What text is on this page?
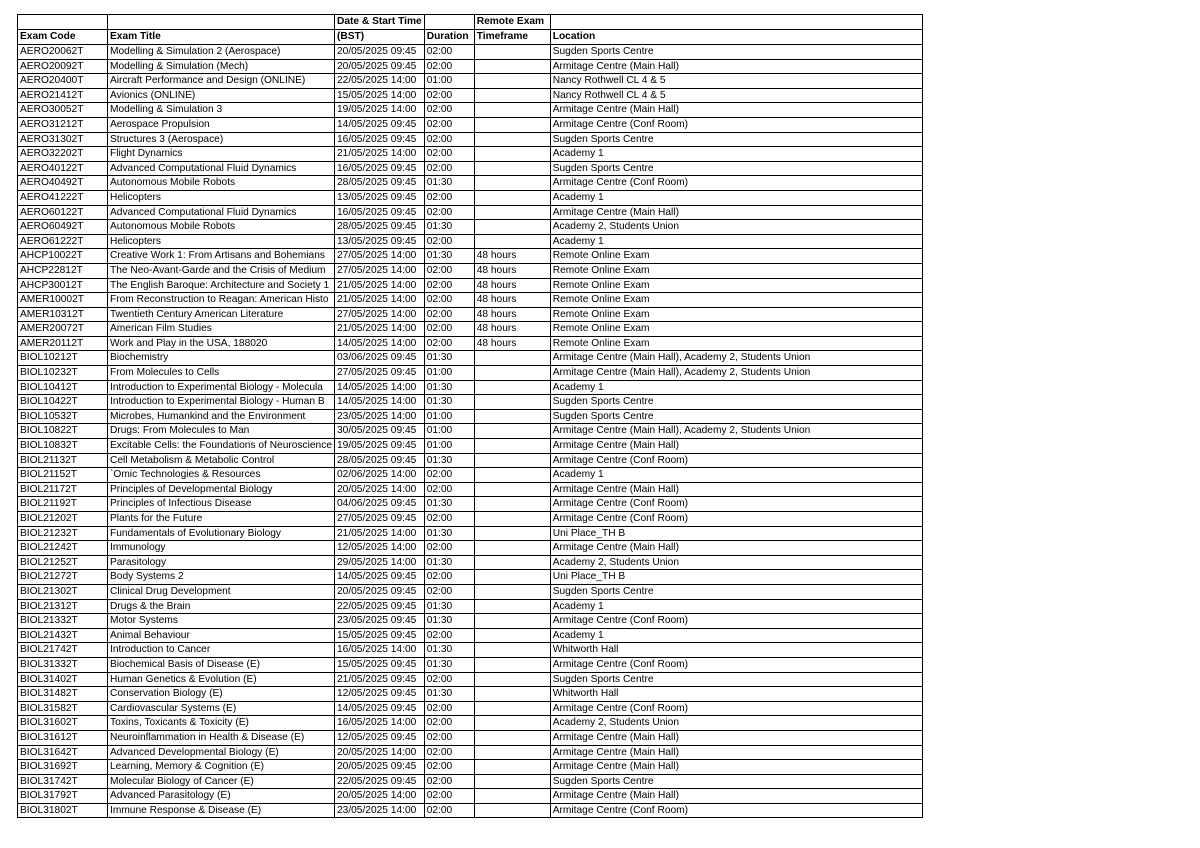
		Date & Start Time		Remote Exam	
Exam Code	Exam Title	(BST)	Duration	Timeframe	Location
AERO20062T	Modelling & Simulation 2 (Aerospace)	20/05/2025 09:45	02:00		Sugden Sports Centre
AERO20092T	Modelling & Simulation (Mech)	20/05/2025 09:45	02:00		Armitage Centre (Main Hall)
AERO20400T	Aircraft Performance and Design (ONLINE)	22/05/2025 14:00	01:00		Nancy Rothwell CL 4 & 5
AERO21412T	Avionics (ONLINE)	15/05/2025 14:00	02:00		Nancy Rothwell CL 4 & 5
AERO30052T	Modelling & Simulation 3	19/05/2025 14:00	02:00		Armitage Centre (Main Hall)
AERO31212T	Aerospace Propulsion	14/05/2025 09:45	02:00		Armitage Centre (Conf Room)
AERO31302T	Structures 3 (Aerospace)	16/05/2025 09:45	02:00		Sugden Sports Centre
AERO32202T	Flight Dynamics	21/05/2025 14:00	02:00		Academy 1
AERO40122T	Advanced Computational Fluid Dynamics	16/05/2025 09:45	02:00		Sugden Sports Centre
AERO40492T	Autonomous Mobile Robots	28/05/2025 09:45	01:30		Armitage Centre (Conf Room)
AERO41222T	Helicopters	13/05/2025 09:45	02:00		Academy 1
AERO60122T	Advanced Computational Fluid Dynamics	16/05/2025 09:45	02:00		Armitage Centre (Main Hall)
AERO60492T	Autonomous Mobile Robots	28/05/2025 09:45	01:30		Academy 2, Students Union
AERO61222T	Helicopters	13/05/2025 09:45	02:00		Academy 1
AHCP10022T	Creative Work 1: From Artisans and Bohemians	27/05/2025 14:00	01:30	48 hours	Remote Online Exam
AHCP22812T	The Neo-Avant-Garde and the Crisis of Medium	27/05/2025 14:00	02:00	48 hours	Remote Online Exam
AHCP30012T	The English Baroque: Architecture and Society 1	21/05/2025 14:00	02:00	48 hours	Remote Online Exam
AMER10002T	From Reconstruction to Reagan: American Histo	21/05/2025 14:00	02:00	48 hours	Remote Online Exam
AMER10312T	Twentieth Century American Literature	27/05/2025 14:00	02:00	48 hours	Remote Online Exam
AMER20072T	American Film Studies	21/05/2025 14:00	02:00	48 hours	Remote Online Exam
AMER20112T	Work and Play in the USA, 188020	14/05/2025 14:00	02:00	48 hours	Remote Online Exam
BIOL10212T	Biochemistry	03/06/2025 09:45	01:30		Armitage Centre (Main Hall), Academy 2, Students Union
BIOL10232T	From Molecules to Cells	27/05/2025 09:45	01:00		Armitage Centre (Main Hall), Academy 2, Students Union
BIOL10412T	Introduction to Experimental Biology - Molecula	14/05/2025 14:00	01:30		Academy 1
BIOL10422T	Introduction to Experimental Biology - Human B	14/05/2025 14:00	01:30		Sugden Sports Centre
BIOL10532T	Microbes, Humankind and the Environment	23/05/2025 14:00	01:00		Sugden Sports Centre
BIOL10822T	Drugs: From Molecules to Man	30/05/2025 09:45	01:00		Armitage Centre (Main Hall), Academy 2, Students Union
BIOL10832T	Excitable Cells: the Foundations of Neuroscience	19/05/2025 09:45	01:00		Armitage Centre (Main Hall)
BIOL21132T	Cell Metabolism & Metabolic Control	28/05/2025 09:45	01:30		Armitage Centre (Conf Room)
BIOL21152T	`Omic Technologies & Resources	02/06/2025 14:00	02:00		Academy 1
BIOL21172T	Principles of Developmental Biology	20/05/2025 14:00	02:00		Armitage Centre (Main Hall)
BIOL21192T	Principles of Infectious Disease	04/06/2025 09:45	01:30		Armitage Centre (Conf Room)
BIOL21202T	Plants for the Future	27/05/2025 09:45	02:00		Armitage Centre (Conf Room)
BIOL21232T	Fundamentals of Evolutionary Biology	21/05/2025 14:00	01:30		Uni Place_TH B
BIOL21242T	Immunology	12/05/2025 14:00	02:00		Armitage Centre (Main Hall)
BIOL21252T	Parasitology	29/05/2025 14:00	01:30		Academy 2, Students Union
BIOL21272T	Body Systems 2	14/05/2025 09:45	02:00		Uni Place_TH B
BIOL21302T	Clinical Drug Development	20/05/2025 09:45	02:00		Sugden Sports Centre
BIOL21312T	Drugs & the Brain	22/05/2025 09:45	01:30		Academy 1
BIOL21332T	Motor Systems	23/05/2025 09:45	01:30		Armitage Centre (Conf Room)
BIOL21432T	Animal Behaviour	15/05/2025 09:45	02:00		Academy 1
BIOL21742T	Introduction to Cancer	16/05/2025 14:00	01:30		Whitworth Hall
BIOL31332T	Biochemical Basis of Disease (E)	15/05/2025 09:45	01:30		Armitage Centre (Conf Room)
BIOL31402T	Human Genetics & Evolution (E)	21/05/2025 09:45	02:00		Sugden Sports Centre
BIOL31482T	Conservation Biology (E)	12/05/2025 09:45	01:30		Whitworth Hall
BIOL31582T	Cardiovascular Systems (E)	14/05/2025 09:45	02:00		Armitage Centre (Conf Room)
BIOL31602T	Toxins, Toxicants & Toxicity (E)	16/05/2025 14:00	02:00		Academy 2, Students Union
BIOL31612T	Neuroinflammation in Health & Disease (E)	12/05/2025 09:45	02:00		Armitage Centre (Main Hall)
BIOL31642T	Advanced Developmental Biology (E)	20/05/2025 14:00	02:00		Armitage Centre (Main Hall)
BIOL31692T	Learning, Memory & Cognition (E)	20/05/2025 09:45	02:00		Armitage Centre (Main Hall)
BIOL31742T	Molecular Biology of Cancer (E)	22/05/2025 09:45	02:00		Sugden Sports Centre
BIOL31792T	Advanced Parasitology (E)	20/05/2025 14:00	02:00		Armitage Centre (Main Hall)
BIOL31802T	Immune Response & Disease (E)	23/05/2025 14:00	02:00		Armitage Centre (Conf Room)
